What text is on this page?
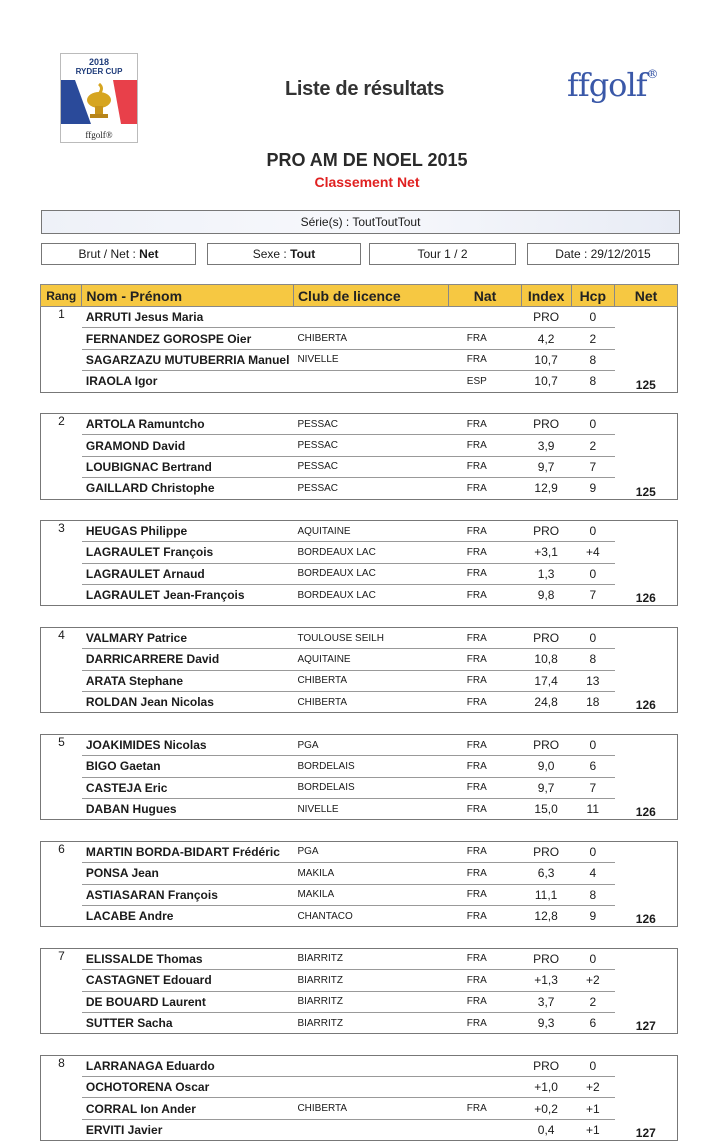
2018
RYDER CUP
ffgolf®
Liste de résultats	ffgolf®
PRO AM DE NOEL 2015
Classement Net
Série(s) : ToutToutTout
Brut / Net : Net	Sexe : Tout	Tour 1 / 2	Date : 29/12/2015
Rang	Nom - Prénom	Club de licence	Nat	Index	Hcp	Net
1	ARRUTI Jesus Maria			PRO	0	125
	FERNANDEZ GOROSPE Oier	CHIBERTA	FRA	4,2	2	
	SAGARZAZU MUTUBERRIA Manuel	NIVELLE	FRA	10,7	8	
	IRAOLA Igor		ESP	10,7	8	

2	ARTOLA Ramuntcho	PESSAC	FRA	PRO	0	125
	GRAMOND David	PESSAC	FRA	3,9	2	
	LOUBIGNAC Bertrand	PESSAC	FRA	9,7	7	
	GAILLARD Christophe	PESSAC	FRA	12,9	9	

3	HEUGAS Philippe	AQUITAINE	FRA	PRO	0	126
	LAGRAULET François	BORDEAUX LAC	FRA	+3,1	+4	
	LAGRAULET Arnaud	BORDEAUX LAC	FRA	1,3	0	
	LAGRAULET Jean-François	BORDEAUX LAC	FRA	9,8	7	

4	VALMARY Patrice	TOULOUSE SEILH	FRA	PRO	0	126
	DARRICARRERE David	AQUITAINE	FRA	10,8	8	
	ARATA Stephane	CHIBERTA	FRA	17,4	13	
	ROLDAN Jean Nicolas	CHIBERTA	FRA	24,8	18	

5	JOAKIMIDES Nicolas	PGA	FRA	PRO	0	126
	BIGO Gaetan	BORDELAIS	FRA	9,0	6	
	CASTEJA Eric	BORDELAIS	FRA	9,7	7	
	DABAN Hugues	NIVELLE	FRA	15,0	11	

6	MARTIN BORDA-BIDART Frédéric	PGA	FRA	PRO	0	126
	PONSA Jean	MAKILA	FRA	6,3	4	
	ASTIASARAN François	MAKILA	FRA	11,1	8	
	LACABE Andre	CHANTACO	FRA	12,8	9	

7	ELISSALDE Thomas	BIARRITZ	FRA	PRO	0	127
	CASTAGNET Edouard	BIARRITZ	FRA	+1,3	+2	
	DE BOUARD Laurent	BIARRITZ	FRA	3,7	2	
	SUTTER Sacha	BIARRITZ	FRA	9,3	6	

8	LARRANAGA Eduardo			PRO	0	127
	OCHOTORENA Oscar			+1,0	+2	
	CORRAL Ion Ander	CHIBERTA	FRA	+0,2	+1	
	ERVITI Javier			0,4	+1	
